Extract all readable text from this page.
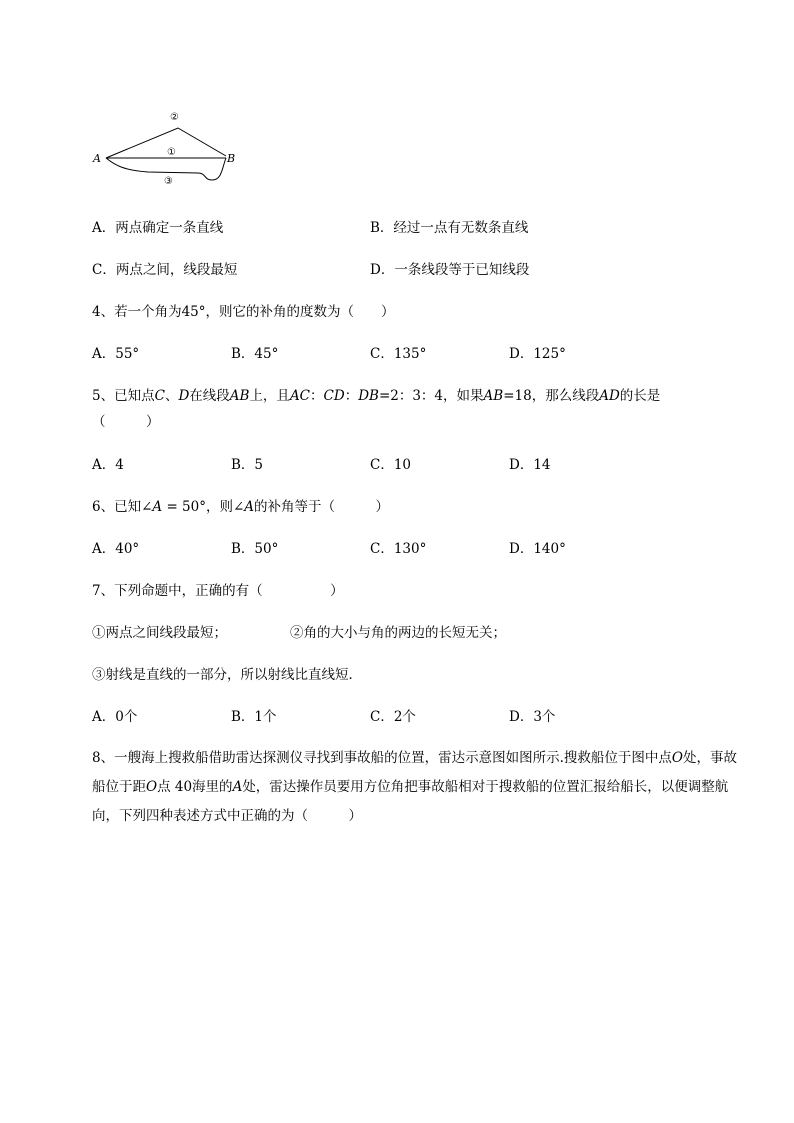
A	B
①
②
③
A．两点确定一条直线	B．经过一点有无数条直线
C．两点之间，线段最短	D．一条线段等于已知线段
4、若一个角为45°，则它的补角的度数为（　　）
A．55°	B．45°	C．135°	D．125°
5、已知点C、D在线段AB上，且AC：CD：DB=2：3：4，如果AB=18，那么线段AD的长是
（　　　）
A．4	B．5	C．10	D．14
6、已知∠A = 50°，则∠A的补角等于（　　　）
A．40°	B．50°	C．130°	D．140°
7、下列命题中，正确的有（　　　　　）
①两点之间线段最短；	②角的大小与角的两边的长短无关；
③射线是直线的一部分，所以射线比直线短．
A．0个	B．1个	C．2个	D．3个
8、一艘海上搜救船借助雷达探测仪寻找到事故船的位置，雷达示意图如图所示.搜救船位于图中点O处，事故船位于距O点 40海里的A处，雷达操作员要用方位角把事故船相对于搜救船的位置汇报给船长，以便调整航向，下列四种表述方式中正确的为（　　　）
